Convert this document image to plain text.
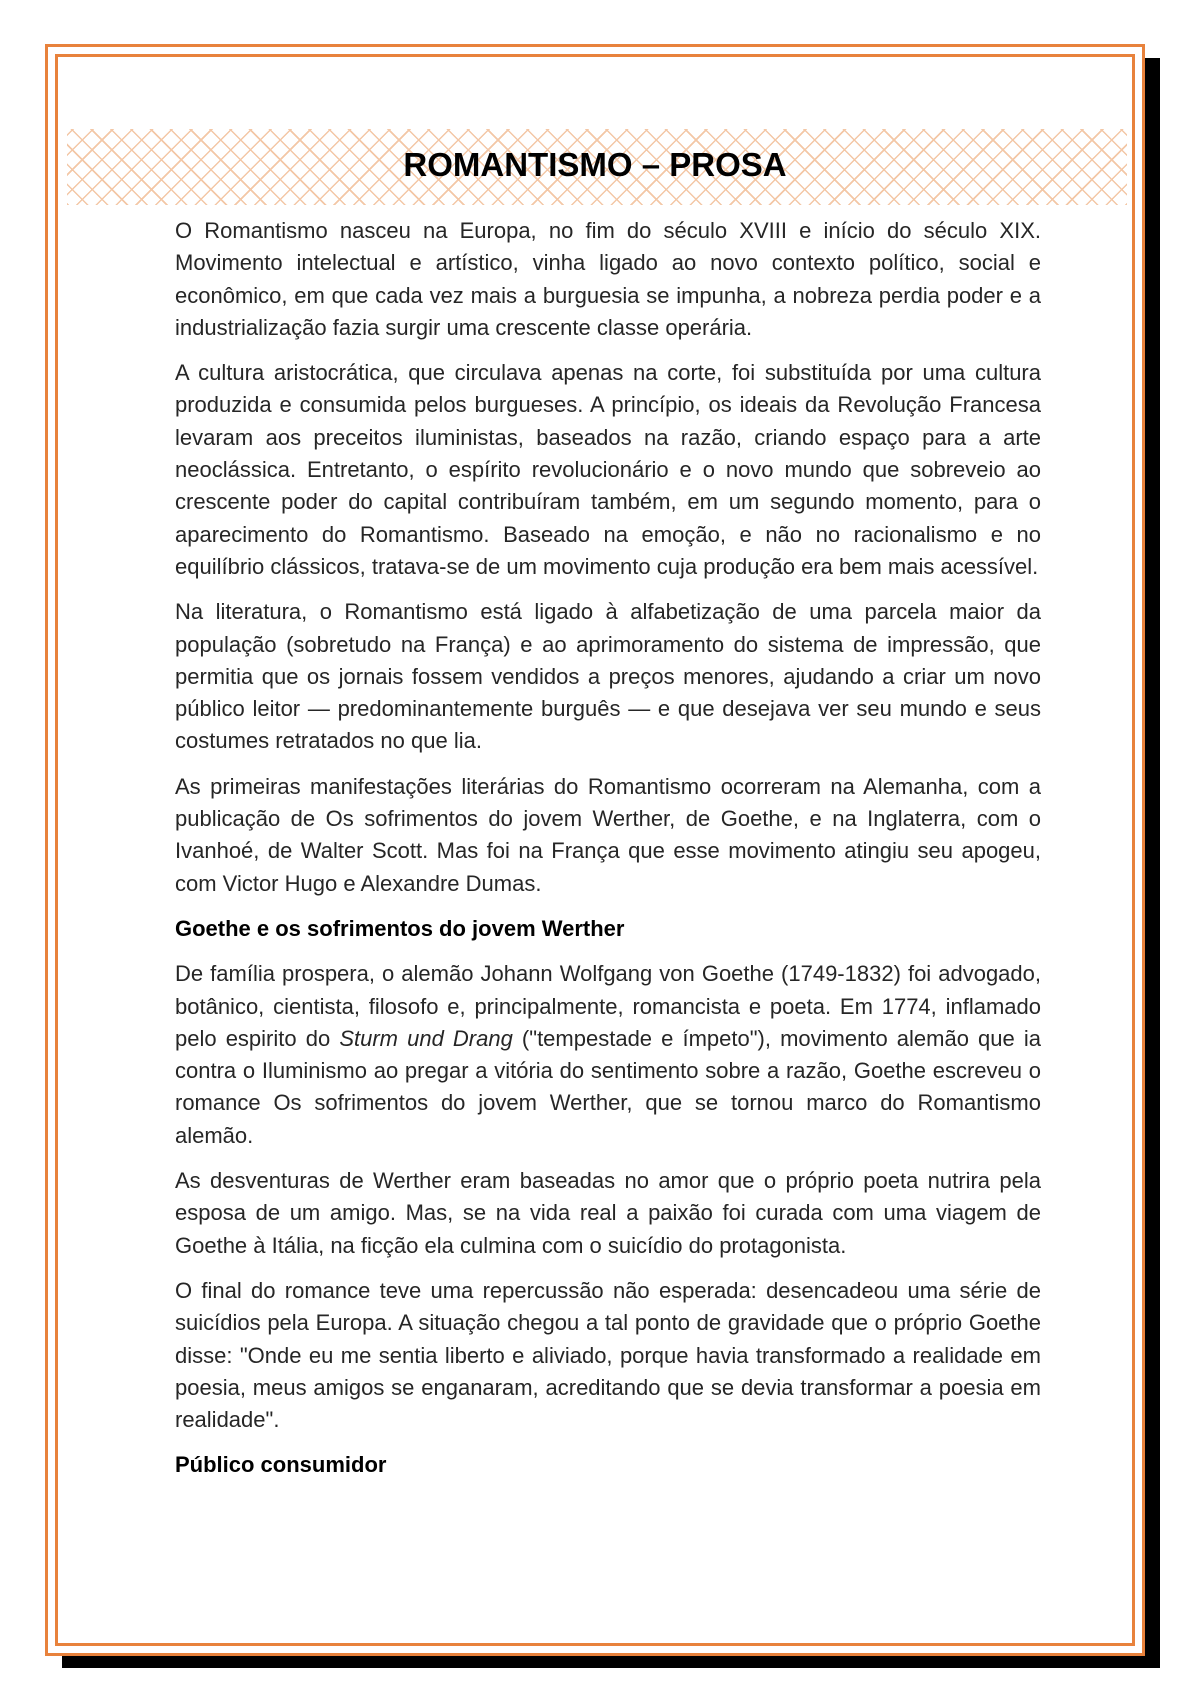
ROMANTISMO – PROSA

O Romantismo nasceu na Europa, no fim do século XVIII e início do século XIX. Movimento intelectual e artístico, vinha ligado ao novo contexto político, social e econômico, em que cada vez mais a burguesia se impunha, a nobreza perdia poder e a industrialização fazia surgir uma crescente classe operária.

A cultura aristocrática, que circulava apenas na corte, foi substituída por uma cultura produzida e consumida pelos burgueses. A princípio, os ideais da Revolução Francesa levaram aos preceitos iluministas, baseados na razão, criando espaço para a arte neoclássica. Entretanto, o espírito revolucionário e o novo mundo que sobreveio ao crescente poder do capital contribuíram também, em um segundo momento, para o aparecimento do Romantismo. Baseado na emoção, e não no racionalismo e no equilíbrio clássicos, tratava-se de um movimento cuja produção era bem mais acessível.

Na literatura, o Romantismo está ligado à alfabetização de uma parcela maior da população (sobretudo na França) e ao aprimoramento do sistema de impressão, que permitia que os jornais fossem vendidos a preços menores, ajudando a criar um novo público leitor — predominantemente burguês — e que desejava ver seu mundo e seus costumes retratados no que lia.

As primeiras manifestações literárias do Romantismo ocorreram na Alemanha, com a publicação de Os sofrimentos do jovem Werther, de Goethe, e na Inglaterra, com o Ivanhoé, de Walter Scott. Mas foi na França que esse movimento atingiu seu apogeu, com Victor Hugo e Alexandre Dumas.

Goethe e os sofrimentos do jovem Werther

De família prospera, o alemão Johann Wolfgang von Goethe (1749-1832) foi advogado, botânico, cientista, filosofo e, principalmente, romancista e poeta. Em 1774, inflamado pelo espirito do Sturm und Drang ("tempestade e ímpeto"), movimento alemão que ia contra o Iluminismo ao pregar a vitória do sentimento sobre a razão, Goethe escreveu o romance Os sofrimentos do jovem Werther, que se tornou marco do Romantismo alemão.

As desventuras de Werther eram baseadas no amor que o próprio poeta nutrira pela esposa de um amigo. Mas, se na vida real a paixão foi curada com uma viagem de Goethe à Itália, na ficção ela culmina com o suicídio do protagonista.

O final do romance teve uma repercussão não esperada: desencadeou uma série de suicídios pela Europa. A situação chegou a tal ponto de gravidade que o próprio Goethe disse: "Onde eu me sentia liberto e aliviado, porque havia transformado a realidade em poesia, meus amigos se enganaram, acreditando que se devia transformar a poesia em realidade".

Público consumidor
